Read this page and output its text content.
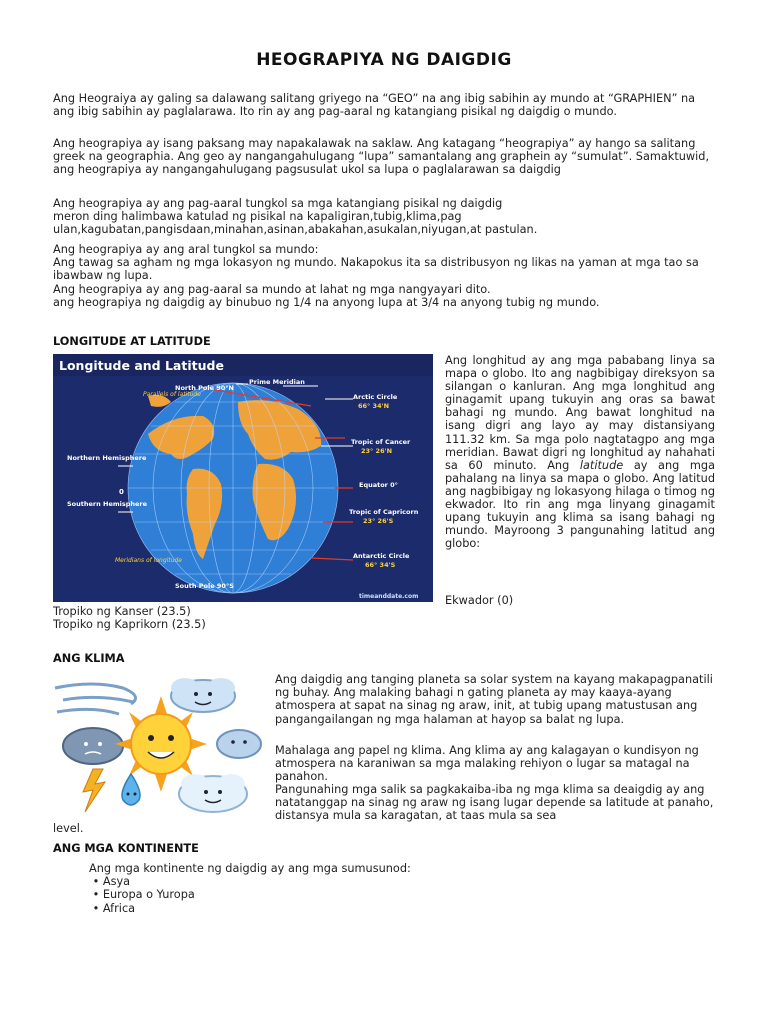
HEOGRAPIYA NG DAIGDIG

Ang Heograiya ay galing sa dalawang salitang griyego na “GEO” na ang ibig sabihin ay mundo at “GRAPHIEN” na ang ibig sabihin ay paglalarawa. Ito rin ay ang pag-aaral ng katangiang pisikal ng daigdig o mundo.

Ang heograpiya ay isang paksang may napakalawak na saklaw. Ang katagang “heograpiya” ay hango sa salitang greek na geographia. Ang geo ay nangangahulugang “lupa” samantalang ang graphein ay “sumulat”. Samaktuwid, ang heograpiya ay nangangahulugang pagsusulat ukol sa lupa o paglalarawan sa daigdig

Ang heograpiya ay ang pag-aaral tungkol sa mga katangiang pisikal ng daigdig
meron ding halimbawa katulad ng pisikal na kapaligiran,tubig,klima,pag ulan,kagubatan,pangisdaan,minahan,asinan,abakahan,asukalan,niyugan,at pastulan.

Ang heograpiya ay ang aral tungkol sa mundo:
Ang tawag sa agham ng mga lokasyon ng mundo. Nakapokus ita sa distribusyon ng likas na yaman at mga tao sa ibawbaw ng lupa.
Ang heograpiya ay ang pag-aaral sa mundo at lahat ng mga nangyayari dito.
ang heograpiya ng daigdig ay binubuo ng 1/4 na anyong lupa at 3/4 na anyong tubig ng mundo.

LONGITUDE AT LATITUDE
Longitude and Latitude
North Pole 90°N
Prime Meridian
Parallels of latitude	Arctic Circle
66° 34'N
Tropic of Cancer
23° 26'N
Equator 0°
Tropic of Capricorn
23° 26'S
Antarctic Circle
66° 34'S
Northern Hemisphere
0
Southern Hemisphere
Meridians of longitude
South Pole 90°S
timeanddate.com

Ang longhitud ay ang mga pababang linya sa mapa o globo. Ito ang nagbibigay direksyon sa silangan o kanluran. Ang mga longhitud ang ginagamit upang tukuyin ang oras sa bawat bahagi ng mundo. Ang bawat longhitud na isang digri ang layo ay may distansiyang 111.32 km. Sa mga polo nagtatagpo ang mga meridian. Bawat digri ng longhitud ay nahahati sa 60 minuto. Ang latitude ay ang mga pahalang na linya sa mapa o globo. Ang latitud ang nagbibigay ng lokasyong hilaga o timog ng ekwador. Ito rin ang mga linyang ginagamit upang tukuyin ang klima sa isang bahagi ng mundo. Mayroong 3 pangunahing latitud ang globo:

Ekwador (0)
Tropiko ng Kanser (23.5)
Tropiko ng Kaprikorn (23.5)
ANG KLIMA

Ang daigdig ang tanging planeta sa solar system na kayang makapagpanatili ng buhay. Ang malaking bahagi n gating planeta ay may kaaya-ayang atmospera at sapat na sinag ng araw, init, at tubig upang matustusan ang pangangailangan ng mga halaman at hayop sa balat ng lupa.

Mahalaga ang papel ng klima. Ang klima ay ang kalagayan o kundisyon ng atmospera na karaniwan sa mga malaking rehiyon o lugar sa matagal na panahon.

Pangunahing mga salik sa pagkakaiba-iba ng mga klima sa deaigdig ay ang natatanggap na sinag ng araw ng isang lugar depende sa latitude at panaho, distansya mula sa karagatan, at taas mula sa sea

level.
ANG MGA KONTINENTE
Ang mga kontinente ng daigdig ay ang mga sumusunod:
• Asya
• Europa o Yuropa
• Africa
